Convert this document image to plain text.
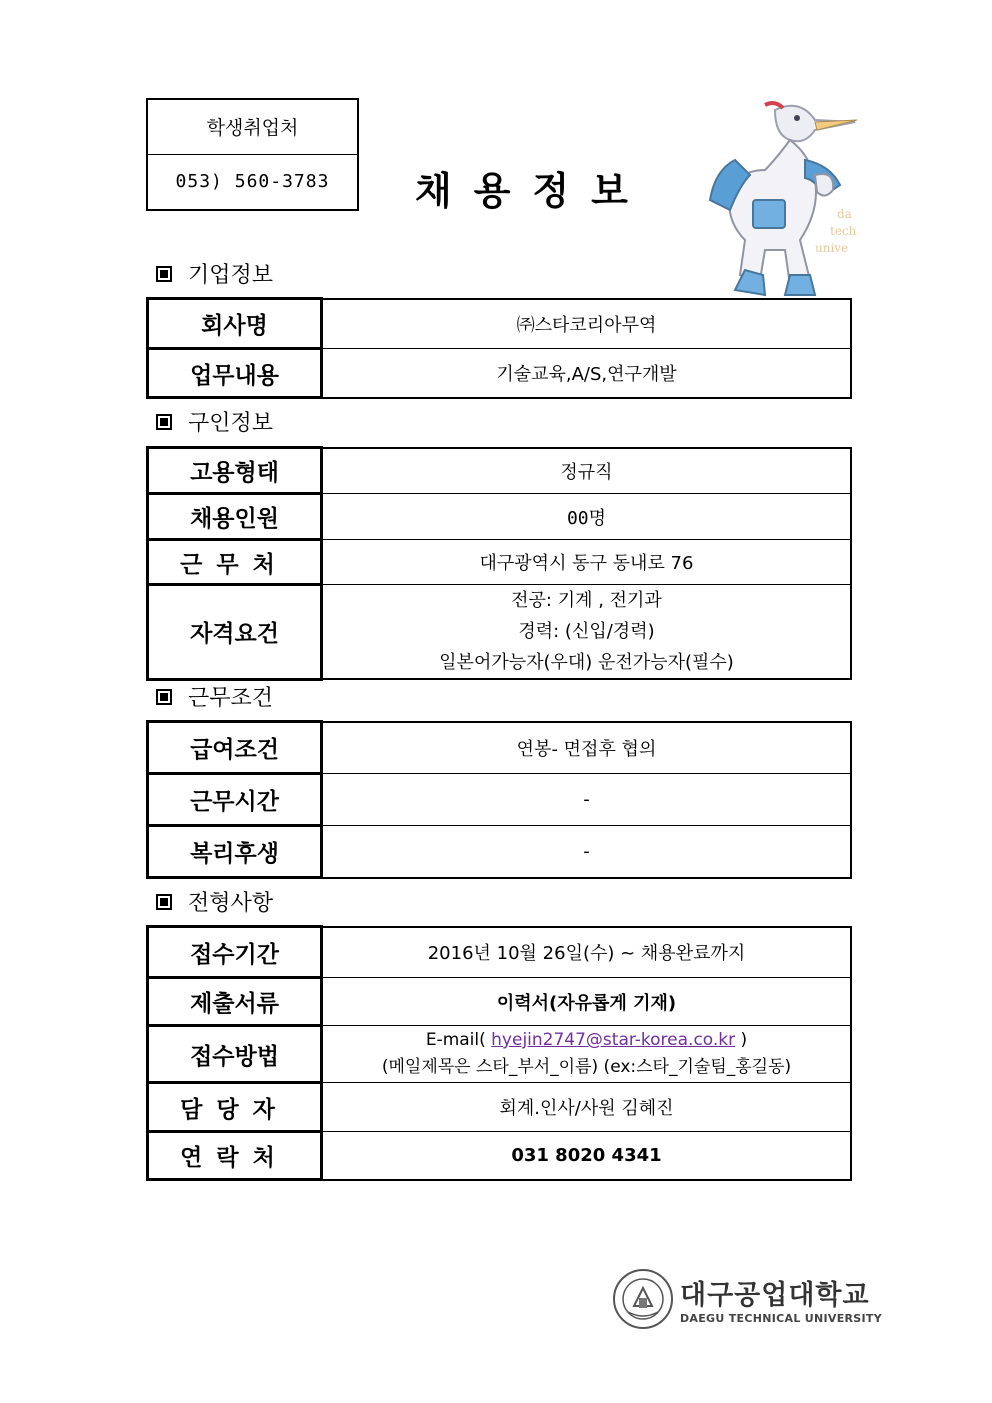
학생취업처
053) 560-3783	채용정보
da
tech
unive
기업정보
회사명	㈜스타코리아무역
업무내용	기술교육,A/S,연구개발
구인정보
고용형태	정규직
채용인원	00명
근무처	대구광역시 동구 동내로 76
자격요건	전공: 기계 , 전기과
경력: (신입/경력)
일본어가능자(우대) 운전가능자(필수)
근무조건
급여조건	연봉- 면접후 협의
근무시간	-
복리후생	-
전형사항
접수기간	2016년 10월 26일(수) ~ 채용완료까지
제출서류	이력서(자유롭게 기재)
접수방법	E-mail( hyejin2747@star-korea.co.kr )
(메일제목은 스타_부서_이름) (ex:스타_기술팀_홍길동)

담당자	회계.인사/사원 김혜진
연락처	031 8020 4341
대구공업대학교
DAEGU TECHNICAL UNIVERSITY
